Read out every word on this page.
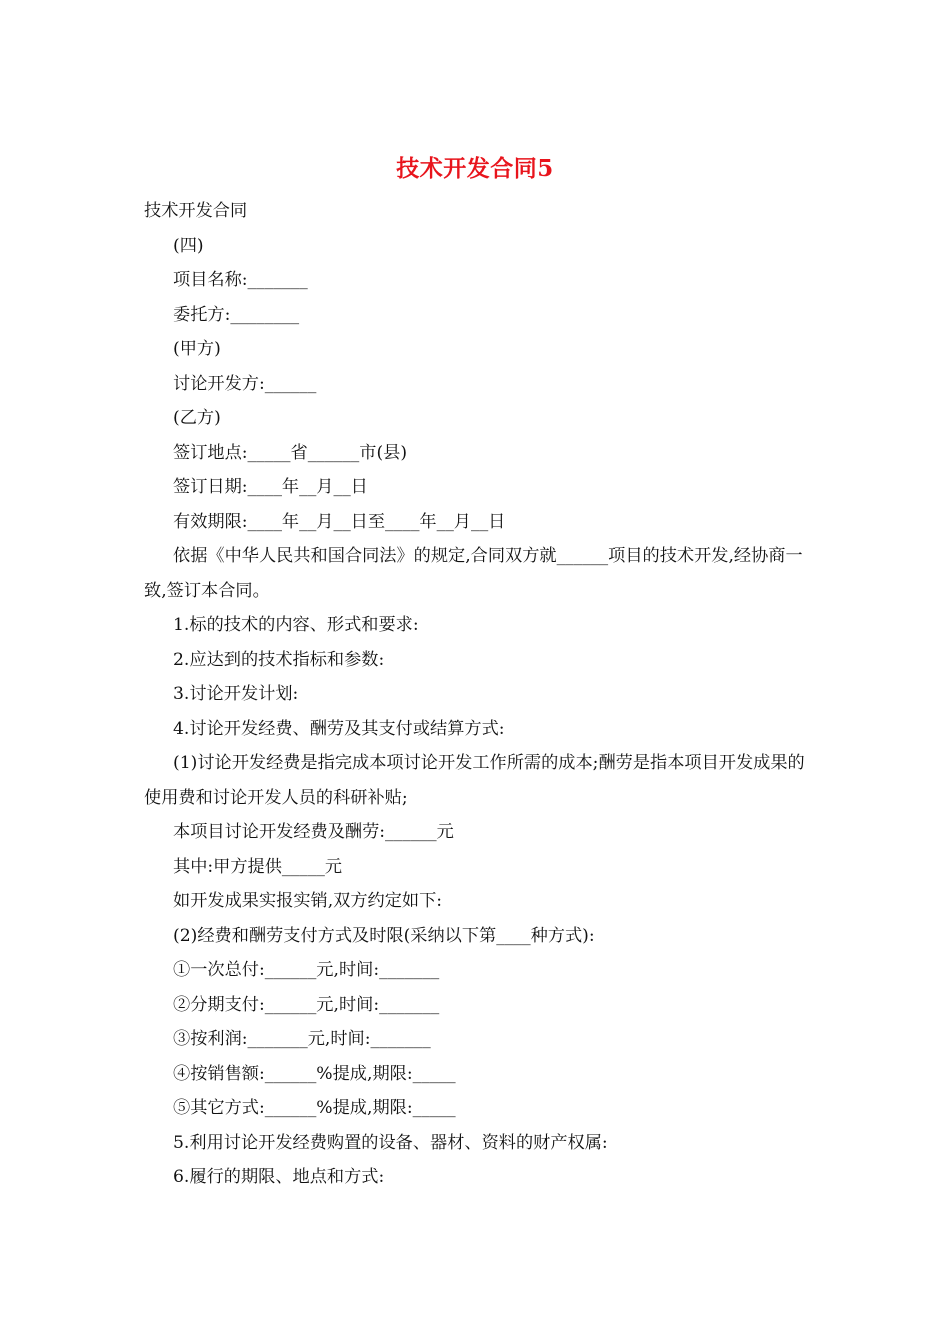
技术开发合同5

技术开发合同

(四)

项目名称:_______

委托方:________

(甲方)

讨论开发方:______

(乙方)

签订地点:_____省______市(县)

签订日期:____年__月__日

有效期限:____年__月__日至____年__月__日

依据《中华人民共和国合同法》的规定,合同双方就______项目的技术开发,经协商一致,签订本合同。

1.标的技术的内容、形式和要求:

2.应达到的技术指标和参数:

3.讨论开发计划:

4.讨论开发经费、酬劳及其支付或结算方式:

(1)讨论开发经费是指完成本项讨论开发工作所需的成本;酬劳是指本项目开发成果的使用费和讨论开发人员的科研补贴;

本项目讨论开发经费及酬劳:______元

其中:甲方提供_____元

如开发成果实报实销,双方约定如下:

(2)经费和酬劳支付方式及时限(采纳以下第____种方式):

①一次总付:______元,时间:_______

②分期支付:______元,时间:_______

③按利润:_______元,时间:_______

④按销售额:______%提成,期限:_____

⑤其它方式:______%提成,期限:_____

5.利用讨论开发经费购置的设备、器材、资料的财产权属:

6.履行的期限、地点和方式:
